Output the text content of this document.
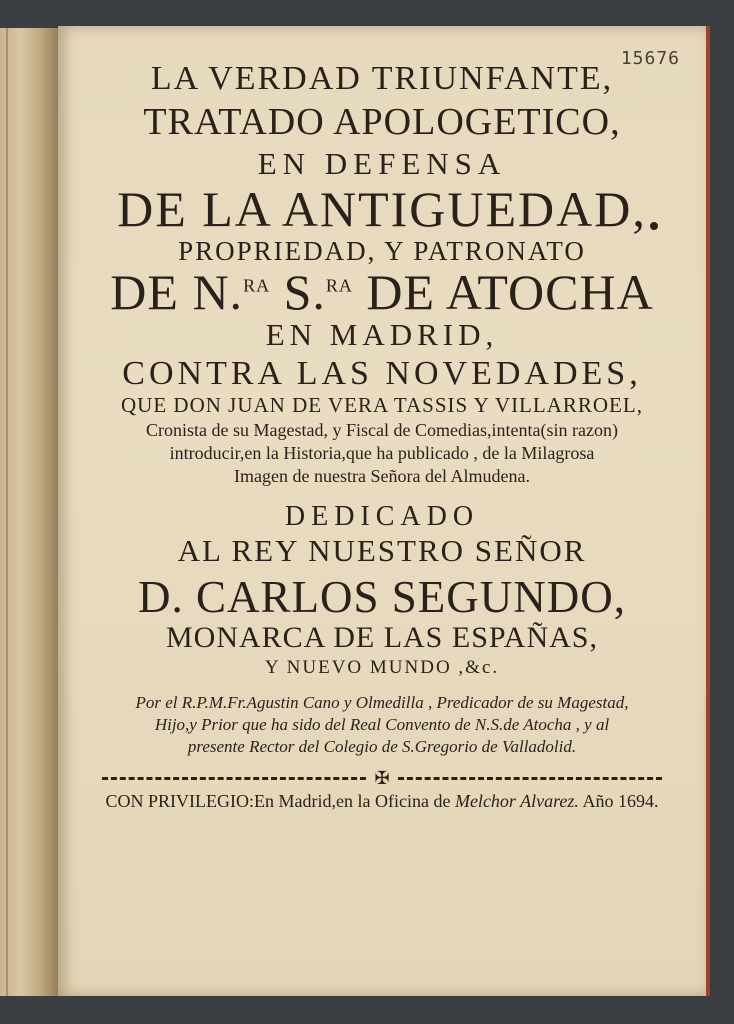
15676
LA VERDAD TRIUNFANTE,
TRATADO APOLOGETICO,
EN DEFENSA
DE LA ANTIGUEDAD,
PROPRIEDAD, Y PATRONATO
DE N.$^{RA}$ S.$^{RA}$ DE ATOCHA
EN MADRID,
CONTRA LAS NOVEDADES,
QUE DON JUAN DE VERA TASSIS Y VILLARROEL,
Cronista de su Magestad, y Fiscal de Comedias,intenta(sin razon)
introducir,en la Historia,que ha publicado , de la Milagrosa
Imagen de nuestra Señora del Almudena.
DEDICADO
AL REY NUESTRO SEÑOR
D. CARLOS SEGUNDO,
MONARCA DE LAS ESPAÑAS,
Y NUEVO MUNDO ,&c.
Por el R.P.M.Fr.Agustin Cano y Olmedilla , Predicador de su Magestad,
Hijo,y Prior que ha sido del Real Convento de N.S.de Atocha , y al
presente Rector del Colegio de S.Gregorio de Valladolid.
✠
CON PRIVILEGIO:En Madrid,en la Oficina de Melchor Alvarez. Año 1694.
